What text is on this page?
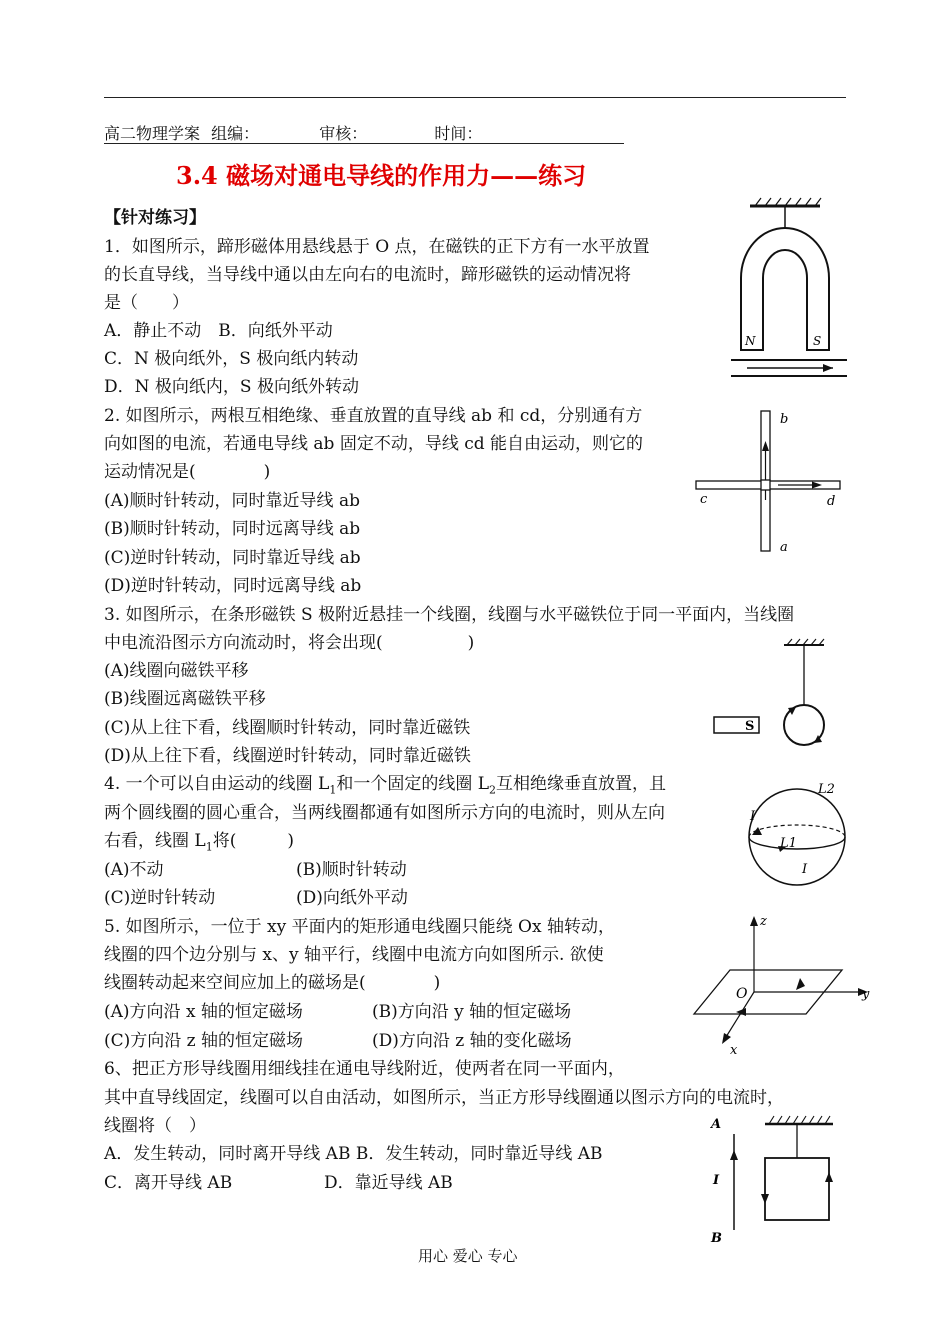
高二物理学案 组编：	审核：	时间：
3.4 磁场对通电导线的作用力——练习
【针对练习】
1．如图所示，蹄形磁体用悬线悬于 O 点，在磁铁的正下方有一水平放置
的长直导线，当导线中通以由左向右的电流时，蹄形磁铁的运动情况将
是（　　）
A．静止不动　B．向纸外平动
C．N 极向纸外，S 极向纸内转动
D．N 极向纸内，S 极向纸外转动
N	S
2. 如图所示，两根互相绝缘、垂直放置的直导线 ab 和 cd，分别通有方
向如图的电流，若通电导线 ab 固定不动，导线 cd 能自由运动，则它的
运动情况是(　　　　)
(A)顺时针转动，同时靠近导线 ab
(B)顺时针转动，同时远离导线 ab
(C)逆时针转动，同时靠近导线 ab
(D)逆时针转动，同时远离导线 ab
b
c	d
a
3. 如图所示，在条形磁铁 S 极附近悬挂一个线圈，线圈与水平磁铁位于同一平面内，当线圈
中电流沿图示方向流动时，将会出现(　　　　　)
(A)线圈向磁铁平移
(B)线圈远离磁铁平移
(C)从上往下看，线圈顺时针转动，同时靠近磁铁
(D)从上往下看，线圈逆时针转动，同时靠近磁铁
S
4. 一个可以自由运动的线圈 $L_1$和一个固定的线圈 $L_2$互相绝缘垂直放置，且
两个圆线圈的圆心重合，当两线圈都通有如图所示方向的电流时，则从左向
右看，线圈 $L_1$将(　　　)
(A)不动	(B)顺时针转动
(C)逆时针转动	(D)向纸外平动
L2
I
L1
I
5. 如图所示，一位于 xy 平面内的矩形通电线圈只能绕 Ox 轴转动，
线圈的四个边分别与 x、y 轴平行，线圈中电流方向如图所示. 欲使
线圈转动起来空间应加上的磁场是(　　　　)
(A)方向沿 x 轴的恒定磁场	(B)方向沿 y 轴的恒定磁场
(C)方向沿 z 轴的恒定磁场	(D)方向沿 z 轴的变化磁场
z
O	y
x
6、把正方形导线圈用细线挂在通电导线附近，使两者在同一平面内，
其中直导线固定，线圈可以自由活动，如图所示，当正方形导线圈通以图示方向的电流时，
线圈将（　）
A．发生转动，同时离开导线 AB B．发生转动，同时靠近导线 AB
C．离开导线 AB	D．靠近导线 AB
A
I
B
用心 爱心 专心
